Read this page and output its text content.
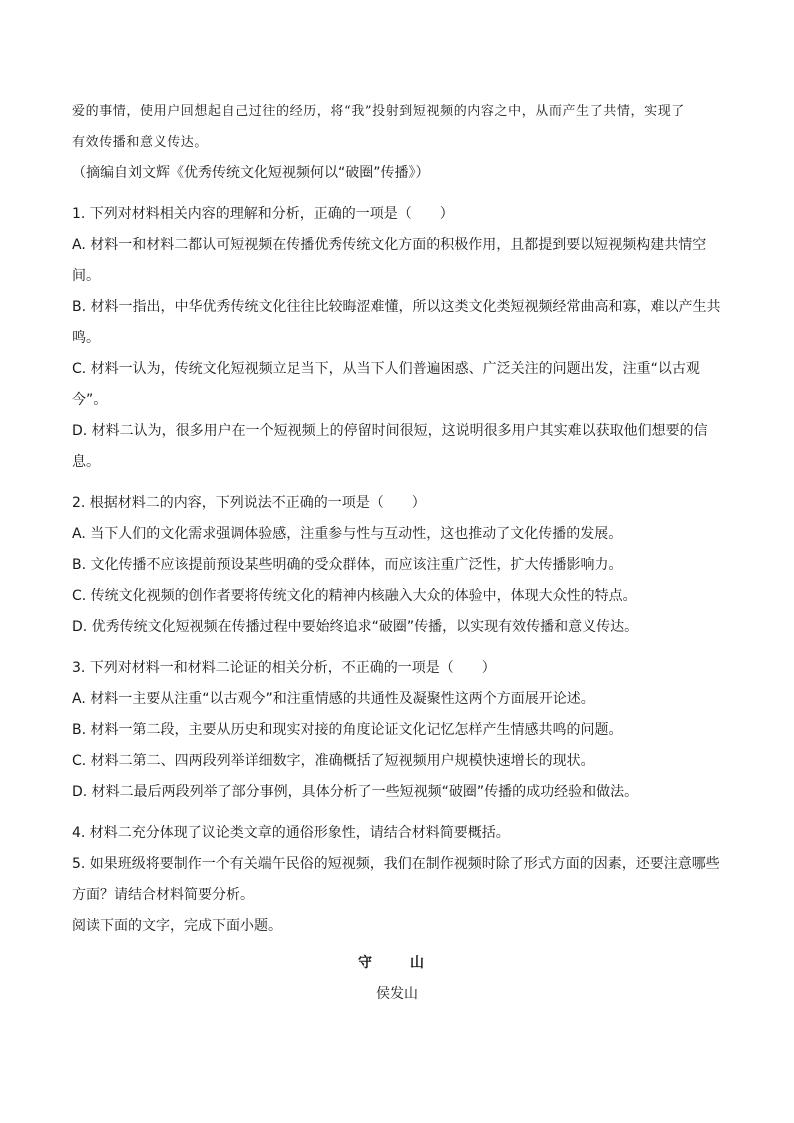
爱的事情，使用户回想起自己过往的经历，将“我”投射到短视频的内容之中，从而产生了共情，实现了
有效传播和意义传达。
（摘编自刘文辉《优秀传统文化短视频何以“破圈”传播》）
1. 下列对材料相关内容的理解和分析，正确的一项是（　　）
A. 材料一和材料二都认可短视频在传播优秀传统文化方面的积极作用，且都提到要以短视频构建共情空
间。
B. 材料一指出，中华优秀传统文化往往比较晦涩难懂，所以这类文化类短视频经常曲高和寡，难以产生共
鸣。
C. 材料一认为，传统文化短视频立足当下，从当下人们普遍困惑、广泛关注的问题出发，注重“以古观
今”。
D. 材料二认为，很多用户在一个短视频上的停留时间很短，这说明很多用户其实难以获取他们想要的信
息。
2. 根据材料二的内容，下列说法不正确的一项是（　　）
A. 当下人们的文化需求强调体验感，注重参与性与互动性，这也推动了文化传播的发展。
B. 文化传播不应该提前预设某些明确的受众群体，而应该注重广泛性，扩大传播影响力。
C. 传统文化视频的创作者要将传统文化的精神内核融入大众的体验中，体现大众性的特点。
D. 优秀传统文化短视频在传播过程中要始终追求“破圈”传播，以实现有效传播和意义传达。
3. 下列对材料一和材料二论证的相关分析，不正确的一项是（　　）
A. 材料一主要从注重“以古观今”和注重情感的共通性及凝聚性这两个方面展开论述。
B. 材料一第二段，主要从历史和现实对接的角度论证文化记忆怎样产生情感共鸣的问题。
C. 材料二第二、四两段列举详细数字，准确概括了短视频用户规模快速增长的现状。
D. 材料二最后两段列举了部分事例，具体分析了一些短视频“破圈”传播的成功经验和做法。
4. 材料二充分体现了议论类文章的通俗形象性，请结合材料简要概括。
5. 如果班级将要制作一个有关端午民俗的短视频，我们在制作视频时除了形式方面的因素，还要注意哪些
方面？请结合材料简要分析。
阅读下面的文字，完成下面小题。
守　山
侯发山
